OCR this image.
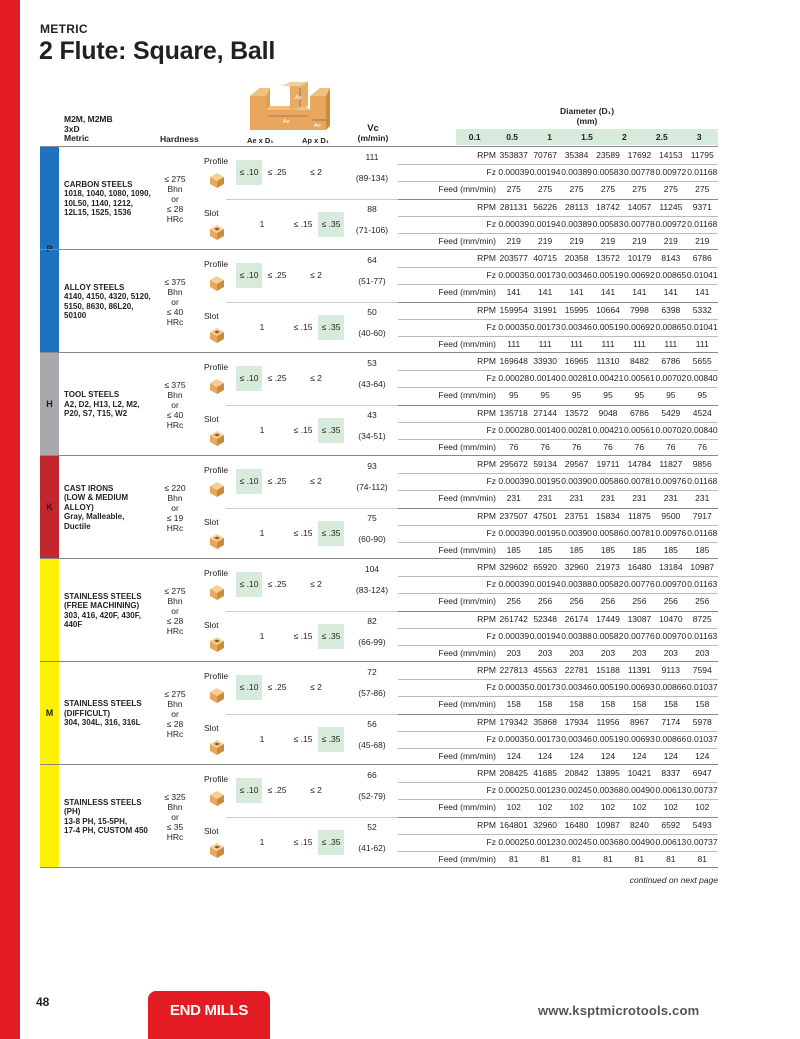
METRIC
2 Flute: Square, Ball
M2M, M2MB
3xD
Metric	Hardness	Ae x D₁	Ap x D₁
Vc
(m/min)
Ap
Ae
Ae
Diameter (D₁)
(mm)
0.1	0.5	1	1.5	2	2.5	3
P
CARBON STEELS
1018, 1040, 1080, 1090,
10L50, 1140, 1212,
12L15, 1525, 1536
≤ 275 Bhn
or
≤ 28 HRc
Profile
≤ .10	≤ .25	≤ 2
111
(89-134)
RPM 353837 70767 35384 23589 17692 14153 11795
Fz 0.00039 0.00194 0.00389 0.00583 0.00778 0.00972 0.01168
Feed (mm/min)	275	275	275	275	275	275	275
Slot
1	≤ .15	≤ .35
88
(71-106)
RPM 281131 56226 28113 18742 14057 11245	9371
Fz 0.00039 0.00194 0.00389 0.00583 0.00778 0.00972 0.01168
Feed (mm/min)	219	219	219	219	219	219	219
ALLOY STEELS
4140, 4150, 4320, 5120,
5150, 8630, 86L20,
50100
≤ 375 Bhn
or
≤ 40 HRc
Profile
≤ .10	≤ .25	≤ 2
64
(51-77)
RPM 203577 40715 20358 13572 10179	8143	6786
Fz 0.00035 0.00173 0.00346 0.00519 0.00692 0.00865 0.01041
Feed (mm/min)	141	141	141	141	141	141	141
Slot
1	≤ .15	≤ .35
50
(40-60)
RPM 159954 31991 15995 10664	7998	6398	5332
Fz 0.00035 0.00173 0.00346 0.00519 0.00692 0.00865 0.01041
Feed (mm/min)	111	111	111	111	111	111	111
H
TOOL STEELS
A2, D2, H13, L2, M2,
P20, S7, T15, W2
≤ 375 Bhn
or
≤ 40 HRc
Profile
≤ .10	≤ .25	≤ 2
53
(43-64)
RPM 169648 33930 16965 11310	8482	6786	5655
Fz 0.00028 0.00140 0.00281 0.00421 0.00561 0.00702 0.00840
Feed (mm/min)	95	95	95	95	95	95	95
Slot
1	≤ .15	≤ .35
43
(34-51)
RPM 135718 27144 13572	9048	6786	5429	4524
Fz 0.00028 0.00140 0.00281 0.00421 0.00561 0.00702 0.00840
Feed (mm/min)	76	76	76	76	76	76	76
K
CAST IRONS
(LOW & MEDIUM
ALLOY)
Gray, Malleable,
Ductile
≤ 220 Bhn
or
≤ 19 HRc
Profile
≤ .10	≤ .25	≤ 2
93
(74-112)
RPM 295672 59134 29567 19711 14784 11827	9856
Fz 0.00039 0.00195 0.00390 0.00586 0.00781 0.00976 0.01168
Feed (mm/min)	231	231	231	231	231	231	231
Slot
1	≤ .15	≤ .35
75
(60-90)
RPM 237507 47501 23751 15834 11875	9500	7917
Fz 0.00039 0.00195 0.00390 0.00586 0.00781 0.00976 0.01168
Feed (mm/min)	185	185	185	185	185	185	185
M
STAINLESS STEELS
(FREE MACHINING)
303, 416, 420F, 430F,
440F
≤ 275 Bhn
or
≤ 28 HRc
Profile
≤ .10	≤ .25	≤ 2
104
(83-124)
RPM 329602 65920 32960 21973 16480 13184 10987
Fz 0.00039 0.00194 0.00388 0.00582 0.00776 0.00970 0.01163
Feed (mm/min)	256	256	256	256	256	256	256
Slot
1	≤ .15	≤ .35
82
(66-99)
RPM 261742 52348 26174 17449 13087 10470	8725
Fz 0.00039 0.00194 0.00388 0.00582 0.00776 0.00970 0.01163
Feed (mm/min)	203	203	203	203	203	203	203
STAINLESS STEELS
(DIFFICULT)
304, 304L, 316, 316L
≤ 275 Bhn
or
≤ 28 HRc
Profile
≤ .10	≤ .25	≤ 2
72
(57-86)
RPM 227813 45563 22781 15188 11391	9113	7594
Fz 0.00035 0.00173 0.00346 0.00519 0.00693 0.00866 0.01037
Feed (mm/min)	158	158	158	158	158	158	158
Slot
1	≤ .15	≤ .35
56
(45-68)
RPM 179342 35868 17934 11956	8967	7174	5978
Fz 0.00035 0.00173 0.00346 0.00519 0.00693 0.00866 0.01037
Feed (mm/min)	124	124	124	124	124	124	124
STAINLESS STEELS
(PH)
13-8 PH, 15-5PH,
17-4 PH, CUSTOM 450
≤ 325 Bhn
or
≤ 35 HRc
Profile
≤ .10	≤ .25	≤ 2
66
(52-79)
RPM 208425 41685 20842 13895 10421	8337	6947
Fz 0.00025 0.00123 0.00245 0.00368 0.00490 0.00613 0.00737
Feed (mm/min)	102	102	102	102	102	102	102
Slot
1	≤ .15	≤ .35
52
(41-62)
RPM 164801 32960 16480 10987	8240	6592	5493
Fz 0.00025 0.00123 0.00245 0.00368 0.00490 0.00613 0.00737
Feed (mm/min)	81	81	81	81	81	81	81
continued on next page
48	END MILLS	www.ksptmicrotools.com
